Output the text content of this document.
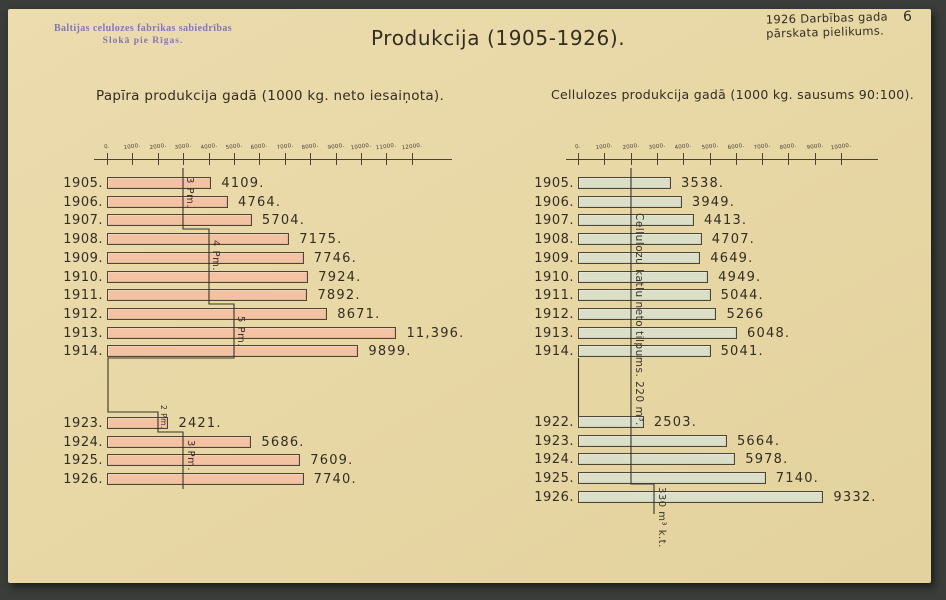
Baltijas celulozes fabrikas sabiedrības
Slokā pie Rīgas.	Produkcija (1905-1926).
1926 Darbības gada
pārskata pielikums.
6
Papīra produkcija gadā (1000 kg. neto iesaiņota).	Cellulozes produkcija gadā (1000 kg. sausums 90:100).
0.	1000.	2000.	3000.	4000.	5000.	6000.	7000.	8000.	9000.	10000. 11000. 12000.
1905.	4109.
1906.	4764.
1907.	5704.
1908.	7175.
1909.	7746.
1910.	7924.
1911.	7892.
1912.	8671.
1913.	11,396.
1914.	9899.
1923.	2421.
1924.	5686.
1925.	7609.
1926.	7740.
3 Pm.
4 Pm.
5 Pm.
2 Pm.
3 Pm.
0.	1000.	2000.	3000.	4000.	5000.	6000.	7000.	8000.	9000.	10000.
1905.	3538.
1906.	3949.
1907.	4413.
1908.	4707.
1909.	4649.
1910.	4949.
1911.	5044.
1912.	5266
1913.	6048.
1914.	5041.
1922.	2503.
1923.	5664.
1924.	5978.
1925.	7140.
1926.	9332.
Cellulozu katlu neto tilpums. 220 m³.
330 m³ k.t.
